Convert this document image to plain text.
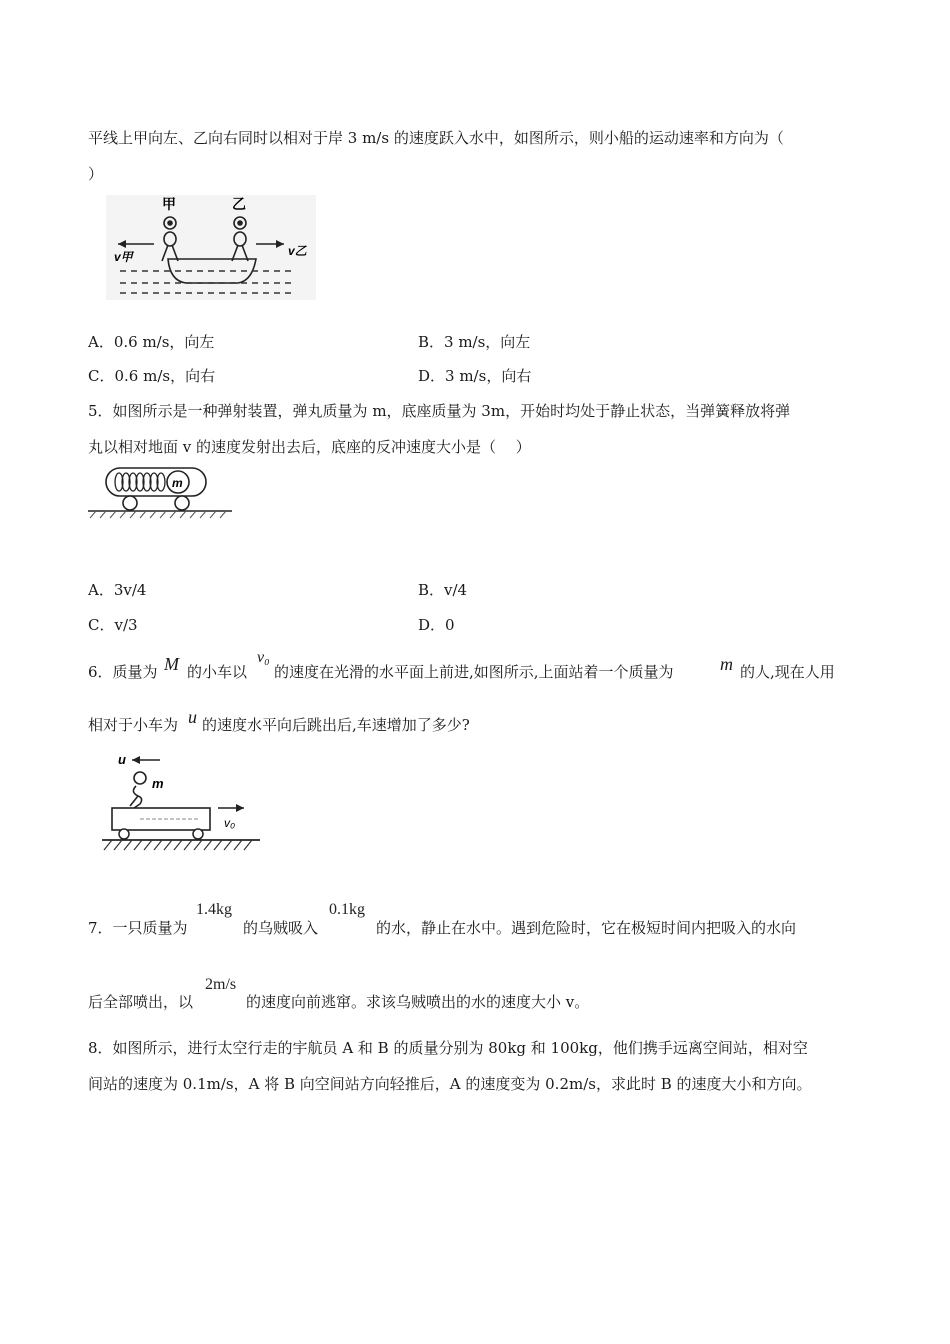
平线上甲向左、乙向右同时以相对于岸 3 m/s 的速度跃入水中，如图所示，则小船的运动速率和方向为（
）
甲	乙
v甲	v乙
A．0.6 m/s，向左	B．3 m/s，向左
C．0.6 m/s，向右	D．3 m/s，向右
5．如图所示是一种弹射装置，弹丸质量为 m，底座质量为 3m，开始时均处于静止状态，当弹簧释放将弹
丸以相对地面 v 的速度发射出去后，底座的反冲速度大小是（　 ）
m
A．3v/4	B．v/4
C．v/3	D．0
6．质量为 M 的小车以
v₀
的速度在光滑的水平面上前进,如图所示,上面站着一个质量为	m 的人,现在人用
相对于小车为 u 的速度水平向后跳出后,车速增加了多少?
u
m
v₀
7．一只质量为
1.4kg
的乌贼吸入
0.1kg
的水，静止在水中。遇到危险时，它在极短时间内把吸入的水向
后全部喷出，以
2m/s
的速度向前逃窜。求该乌贼喷出的水的速度大小 v。
8．如图所示，进行太空行走的宇航员 A 和 B 的质量分别为 80kg 和 100kg，他们携手远离空间站，相对空
间站的速度为 0.1m/s，A 将 B 向空间站方向轻推后，A 的速度变为 0.2m/s，求此时 B 的速度大小和方向。
